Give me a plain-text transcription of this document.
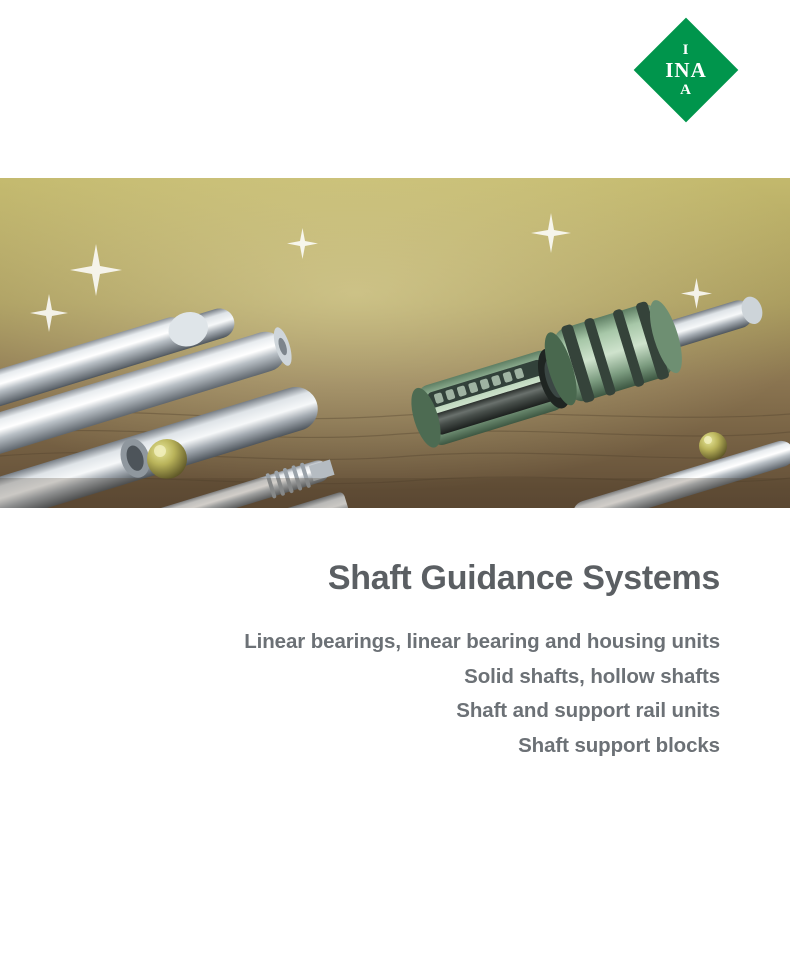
I
INA
A
Shaft Guidance Systems

Linear bearings, linear bearing and housing units

Solid shafts, hollow shafts

Shaft and support rail units

Shaft support blocks
